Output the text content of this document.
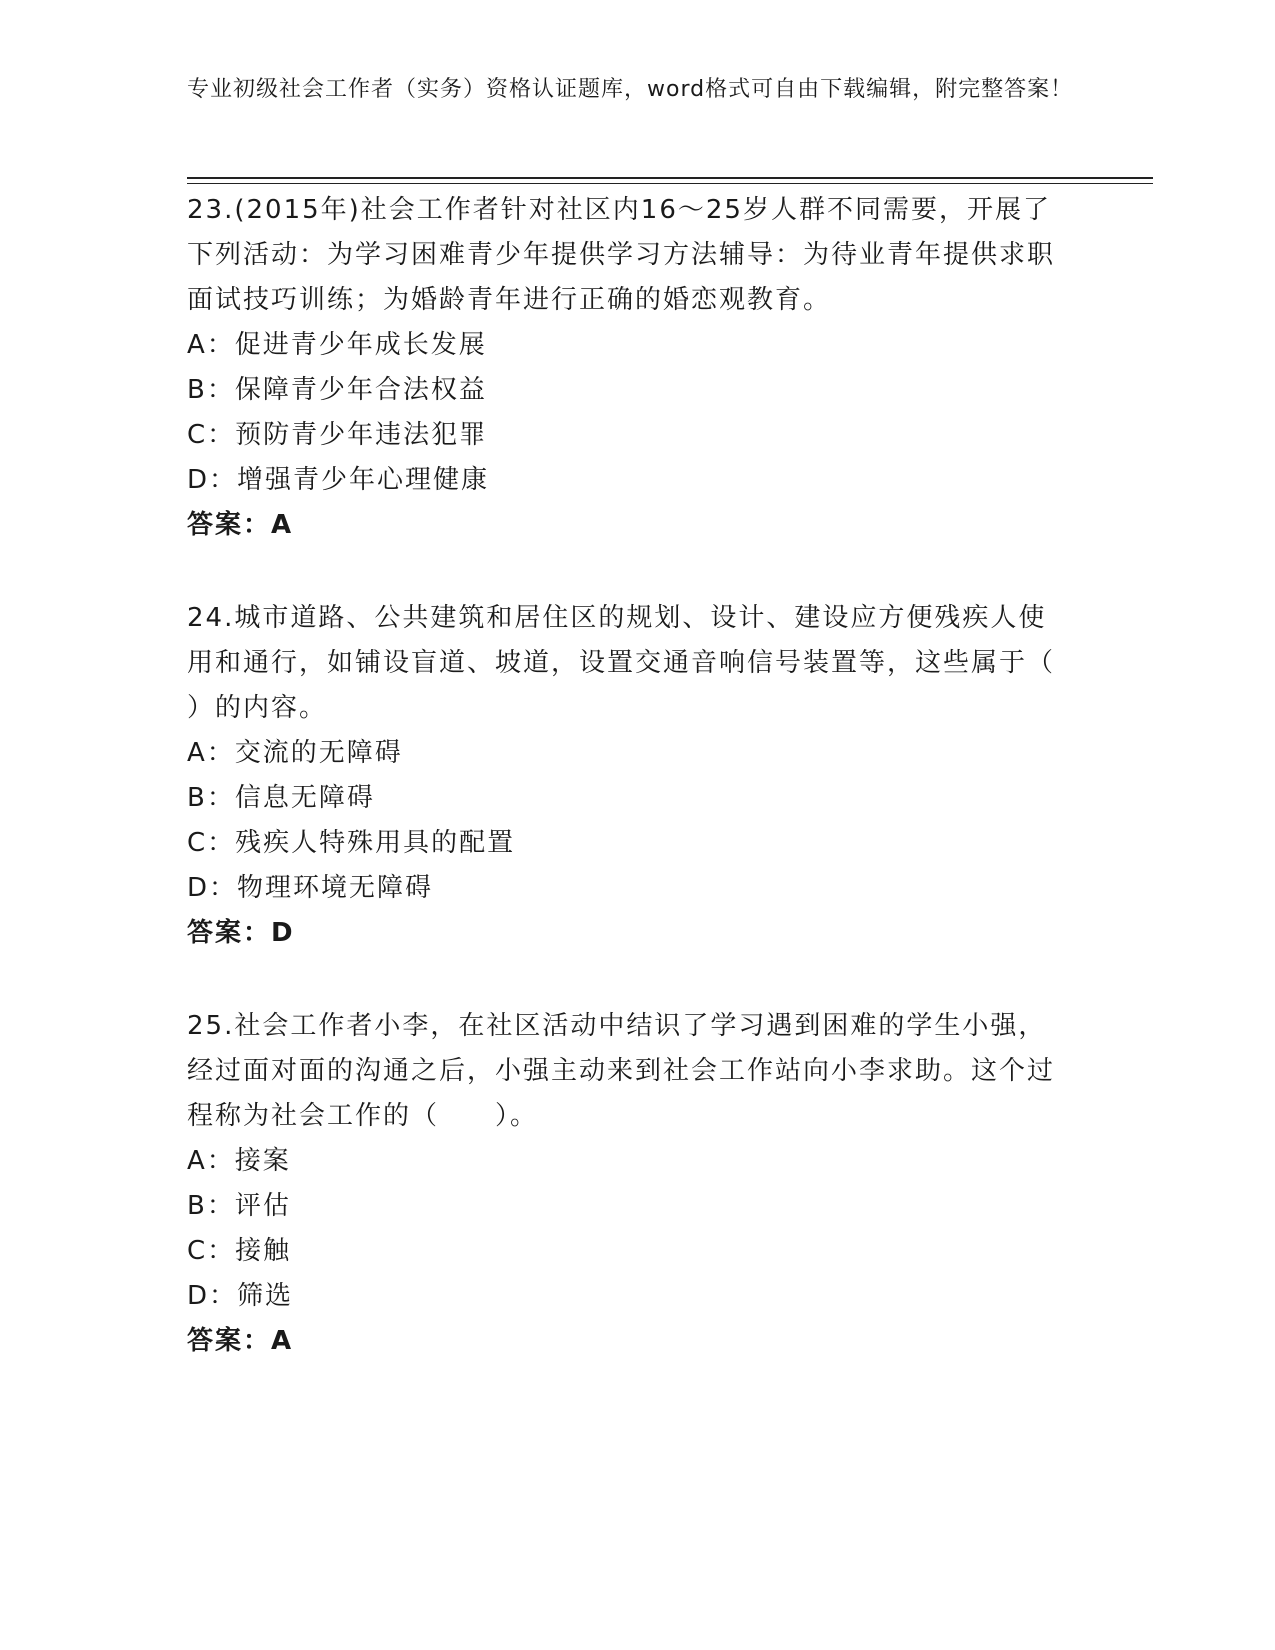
专业初级社会工作者（实务）资格认证题库，word格式可自由下载编辑，附完整答案！
23.(2015年)社会工作者针对社区内16～25岁人群不同需要，开展了下列活动：为学习困难青少年提供学习方法辅导：为待业青年提供求职面试技巧训练；为婚龄青年进行正确的婚恋观教育。
A：促进青少年成长发展
B：保障青少年合法权益
C：预防青少年违法犯罪
D：增强青少年心理健康
答案：A
24.城市道路、公共建筑和居住区的规划、设计、建设应方便残疾人使用和通行，如铺设盲道、坡道，设置交通音响信号装置等，这些属于（ ）的内容。
A：交流的无障碍
B：信息无障碍
C：残疾人特殊用具的配置
D：物理环境无障碍
答案：D
25.社会工作者小李，在社区活动中结识了学习遇到困难的学生小强，经过面对面的沟通之后，小强主动来到社会工作站向小李求助。这个过程称为社会工作的（　　）。
A：接案
B：评估
C：接触
D：筛选
答案：A
